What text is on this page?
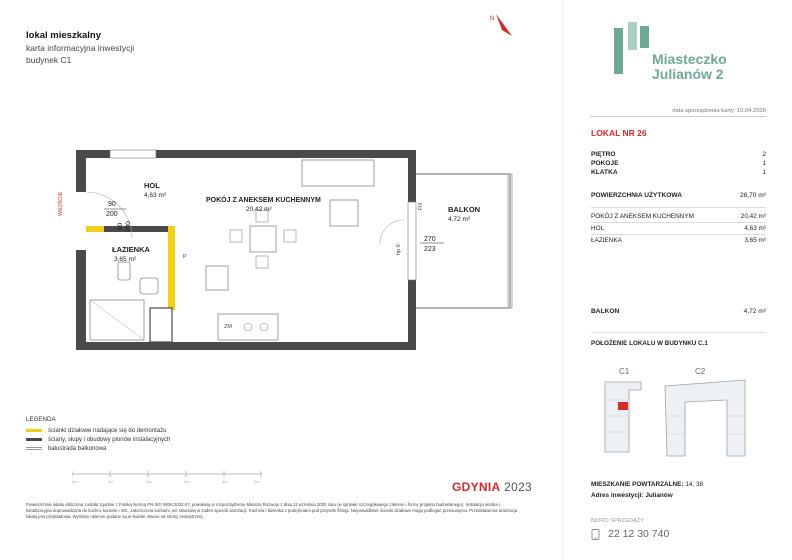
lokal mieszkalny
karta informacyjna inwestycji
budynek C1
WEJŚCIE
HOL
4,63 m²
POKÓJ Z ANEKSEM KUCHENNYM
20,42 m²
ŁAZIENKA
3,65 m²
BALKON
4,72 m²
90
200
80 200
270
223
FIX
hp 0
ZM
P
LEGENDA
ścianki działowe nadające się do demontażu
ściany, słupy i obudowy pionów instalacyjnych
balustrada balkonowa
0m	1m	2m	3m	4m	5m	GDYNIA 2023
Powierzchnia lokalu obliczona została zgodnie z Polską Normą PN-ISO 9836:2022-07, powołaną w rozporządzeniu Ministra Rozwoju z dnia 11 września 2020 roku (w sprawie szczegółowego zakresu i formy projektu budowlanego). Instalacja wodna i kanalizacyjna doprowadzona do kuchni, łazienki i WC, zakończona korkami, nie stanowią w żaden sposób aranżacji. Kuchnia i łazienka z podejściami pod przyszłe fittingi. Nieprawidłowe ścianki działowe mogą podlegać przesunięciu. Przedstawiona aranżacja lokalu jest przykładowa. Wymiary okienne podane są w świetle otworu od strony zewnętrznej.
N
Miasteczko
Julianów 2
data sporządzenia karty: 10.04.2026
LOKAL NR 26
PIĘTRO	2
POKOJE	1
KLATKA	1
POWIERZCHNIA UŻYTKOWA	28,70 m²
POKÓJ Z ANEKSEM KUCHENNYM	20,42 m²
HOL	4,63 m²
ŁAZIENKA	3,65 m²
BALKON	4,72 m²
POŁOŻENIE LOKALU W BUDYNKU C.1
C1	C2
MIESZKANIE POWTARZALNE: 14, 38
Adres inwestycji: Julianów
BIURO SPRZEDAŻY
22 12 30 740
